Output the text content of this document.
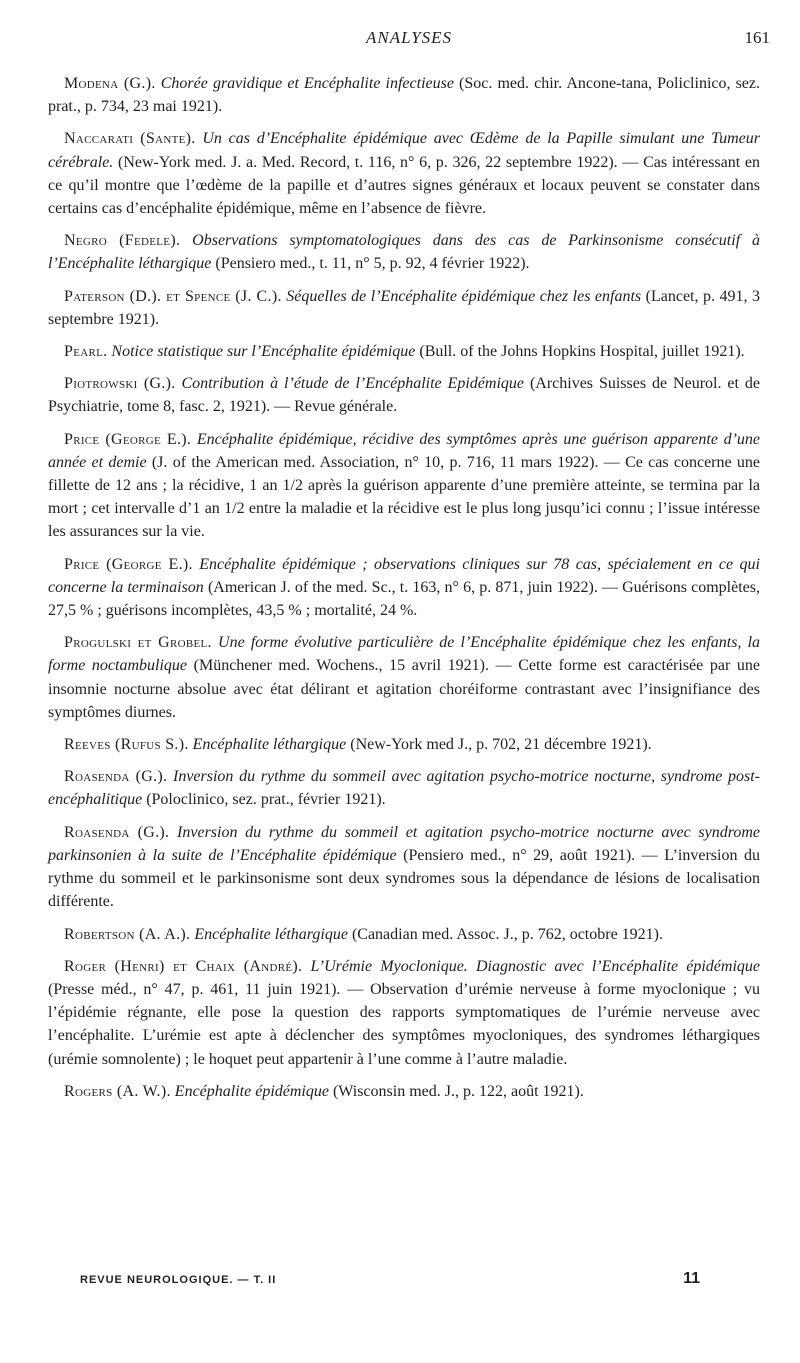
ANALYSES	161

Modena (G.). Chorée gravidique et Encéphalite infectieuse (Soc. med. chir. Ancone-tana, Policlinico, sez. prat., p. 734, 23 mai 1921).

Naccarati (Sante). Un cas d’Encéphalite épidémique avec Œdème de la Papille simulant une Tumeur cérébrale. (New-York med. J. a. Med. Record, t. 116, n° 6, p. 326, 22 septembre 1922). — Cas intéressant en ce qu’il montre que l’œdème de la papille et d’autres signes généraux et locaux peuvent se constater dans certains cas d’encéphalite épidémique, même en l’absence de fièvre.

Negro (Fedele). Observations symptomatologiques dans des cas de Parkinsonisme consécutif à l’Encéphalite léthargique (Pensiero med., t. 11, n° 5, p. 92, 4 février 1922).

Paterson (D.). et Spence (J. C.). Séquelles de l’Encéphalite épidémique chez les enfants (Lancet, p. 491, 3 septembre 1921).

Pearl. Notice statistique sur l’Encéphalite épidémique (Bull. of the Johns Hopkins Hospital, juillet 1921).

Piotrowski (G.). Contribution à l’étude de l’Encéphalite Epidémique (Archives Suisses de Neurol. et de Psychiatrie, tome 8, fasc. 2, 1921). — Revue générale.

Price (George E.). Encéphalite épidémique, récidive des symptômes après une guérison apparente d’une année et demie (J. of the American med. Association, n° 10, p. 716, 11 mars 1922). — Ce cas concerne une fillette de 12 ans ; la récidive, 1 an 1/2 après la guérison apparente d’une première atteinte, se termina par la mort ; cet intervalle d’1 an 1/2 entre la maladie et la récidive est le plus long jusqu’ici connu ; l’issue intéresse les assurances sur la vie.

Price (George E.). Encéphalite épidémique ; observations cliniques sur 78 cas, spécialement en ce qui concerne la terminaison (American J. of the med. Sc., t. 163, n° 6, p. 871, juin 1922). — Guérisons complètes, 27,5 % ; guérisons incomplètes, 43,5 % ; mortalité, 24 %.

Progulski et Grobel. Une forme évolutive particulière de l’Encéphalite épidémique chez les enfants, la forme noctambulique (Münchener med. Wochens., 15 avril 1921). — Cette forme est caractérisée par une insomnie nocturne absolue avec état délirant et agitation choréiforme contrastant avec l’insignifiance des symptômes diurnes.

Reeves (Rufus S.). Encéphalite léthargique (New-York med J., p. 702, 21 décembre 1921).

Roasenda (G.). Inversion du rythme du sommeil avec agitation psycho-motrice nocturne, syndrome post-encéphalitique (Poloclinico, sez. prat., février 1921).

Roasenda (G.). Inversion du rythme du sommeil et agitation psycho-motrice nocturne avec syndrome parkinsonien à la suite de l’Encéphalite épidémique (Pensiero med., n° 29, août 1921). — L’inversion du rythme du sommeil et le parkinsonisme sont deux syndromes sous la dépendance de lésions de localisation différente.

Robertson (A. A.). Encéphalite léthargique (Canadian med. Assoc. J., p. 762, octobre 1921).

Roger (Henri) et Chaix (André). L’Urémie Myoclonique. Diagnostic avec l’Encéphalite épidémique (Presse méd., n° 47, p. 461, 11 juin 1921). — Observation d’urémie nerveuse à forme myoclonique ; vu l’épidémie régnante, elle pose la question des rapports symptomatiques de l’urémie nerveuse avec l’encéphalite. L’urémie est apte à déclencher des symptômes myocloniques, des syndromes léthargiques (urémie somnolente) ; le hoquet peut appartenir à l’une comme à l’autre maladie.

Rogers (A. W.). Encéphalite épidémique (Wisconsin med. J., p. 122, août 1921).

REVUE NEUROLOGIQUE. — T. II	11
